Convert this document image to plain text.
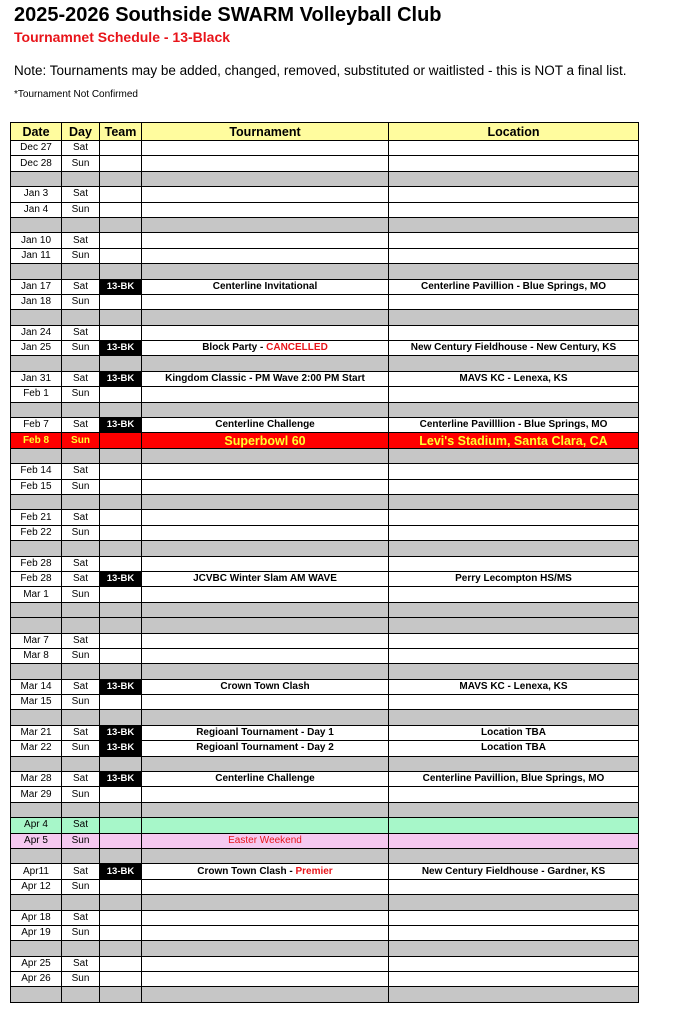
2025-2026 Southside SWARM Volleyball Club
Tournamnet Schedule - 13-Black
Note: Tournaments may be added, changed, removed, substituted or waitlisted - this is NOT a final list.
*Tournament Not Confirmed
Date	Day	Team	Tournament	Location
Dec 27	Sat			
Dec 28	Sun			

Jan 3	Sat			
Jan 4	Sun			

Jan 10	Sat			
Jan 11	Sun			

Jan 17	Sat	13-BK	Centerline Invitational	Centerline Pavillion - Blue Springs, MO
Jan 18	Sun			

Jan 24	Sat			
Jan 25	Sun	13-BK	Block Party - CANCELLED	New Century Fieldhouse - New Century, KS

Jan 31	Sat	13-BK	Kingdom Classic - PM Wave 2:00 PM Start	MAVS KC - Lenexa, KS
Feb 1	Sun			

Feb 7	Sat	13-BK	Centerline Challenge	Centerline Pavilllion - Blue Springs, MO
Feb 8	Sun		Superbowl 60	Levi's Stadium, Santa Clara, CA

Feb 14	Sat			
Feb 15	Sun			

Feb 21	Sat			
Feb 22	Sun			

Feb 28	Sat			
Feb 28	Sat	13-BK	JCVBC Winter Slam AM WAVE	Perry Lecompton HS/MS
Mar 1	Sun			

Mar 7	Sat			
Mar 8	Sun			

Mar 14	Sat	13-BK	Crown Town Clash	MAVS KC - Lenexa, KS
Mar 15	Sun			

Mar 21	Sat	13-BK	Regioanl Tournament - Day 1	Location TBA
Mar 22	Sun	13-BK	Regioanl Tournament - Day 2	Location TBA

Mar 28	Sat	13-BK	Centerline Challenge	Centerline Pavillion, Blue Springs, MO
Mar 29	Sun			

Apr 4	Sat			
Apr 5	Sun		Easter Weekend	

Apr11	Sat	13-BK	Crown Town Clash - Premier	New Century Fieldhouse - Gardner, KS
Apr 12	Sun			

Apr 18	Sat			
Apr 19	Sun			

Apr 25	Sat			
Apr 26	Sun			
